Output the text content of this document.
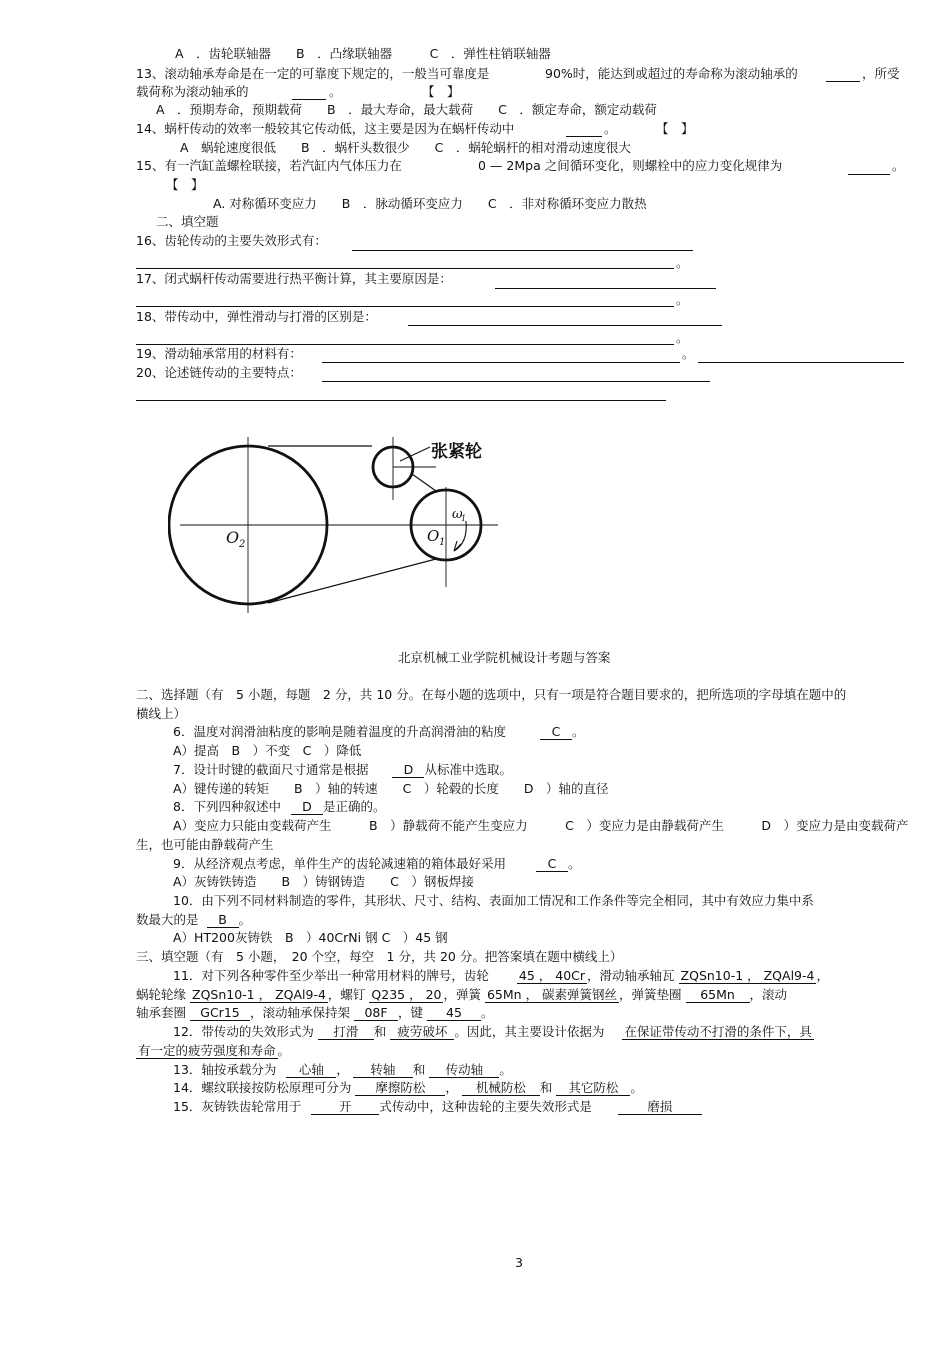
A　．齿轮联轴器　　B　．凸缘联轴器　　　C　．弹性柱销联轴器
13、滚动轴承寿命是在一定的可靠度下规定的，一般当可靠度是	90%时，能达到或超过的寿命称为滚动轴承的	，所受
载荷称为滚动轴承的	。	【　】
A　．预期寿命，预期载荷　　B　．最大寿命，最大载荷　　C　．额定寿命，额定动载荷
14、蜗杆传动的效率一般较其它传动低，这主要是因为在蜗杆传动中	。	【　】
A　蜗轮速度很低　　B　．蜗杆头数很少　　C　．蜗轮蜗杆的相对滑动速度很大
15、有一汽缸盖螺栓联接，若汽缸内气体压力在	0 — 2Mpa 之间循环变化，则螺栓中的应力变化规律为	。
【　】
A. 对称循环变应力　　B　．脉动循环变应力　　C　．非对称循环变应力散热
二、填空题
16、齿轮传动的主要失效形式有：
。
17、闭式蜗杆传动需要进行热平衡计算，其主要原因是：
。
18、带传动中，弹性滑动与打滑的区别是：
。
19、滑动轴承常用的材料有：	。
20、论述链传动的主要特点：
张紧轮
O 2	O 1
ω
1
北京机械工业学院机械设计考题与答案
二、选择题（有　5 小题，每题　2 分，共 10 分。在每小题的选项中，只有一项是符合题目要求的，把所选项的字母填在题中的
横线上）
6．温度对润滑油粘度的影响是随着温度的升高润滑油的粘度	C 。
A）提高　B　）不变　C　）降低
7．设计时键的截面尺寸通常是根据	D 从标准中选取。
A）键传递的转矩　　B　）轴的转速　　C　）轮毂的长度　　D　）轴的直径
8．下列四种叙述中 D 是正确的。
A）变应力只能由变载荷产生　　　B　）静载荷不能产生变应力　　　C　）变应力是由静载荷产生　　　D　）变应力是由变载荷产
生，也可能由静载荷产生
9．从经济观点考虑，单件生产的齿轮减速箱的箱体最好采用	C 。
A）灰铸铁铸造　　B　）铸钢铸造　　C　）钢板焊接
10．由下列不同材料制造的零件，其形状、尺寸、结构、表面加工情况和工作条件等完全相同，其中有效应力集中系
数最大的是 B 。
A）HT200灰铸铁　B　）40CrNi 钢 C　）45 钢
三、填空题（有　5 小题，　20 个空，每空　1 分，共 20 分。把答案填在题中横线上）
11．对下列各种零件至少举出一种常用材料的牌号，齿轮 45 ， 40Cr ，滑动轴承轴瓦 ZQSn10-1 ， ZQAl9-4 ，
蜗轮轮缘 ZQSn10-1 ， ZQAl9-4 ，螺钉 Q235 ， 20 ，弹簧 65Mn ， 碳素弹簧钢丝 ，弹簧垫圈 65Mn ，滚动
轴承套圈 GCr15 ，滚动轴承保持架 08F ，键 45 。
12．带传动的失效形式为 打滑 和 疲劳破坏 。因此，其主要设计依据为 在保证带传动不打滑的条件下，具
有一定的疲劳强度和寿命 。
13．轴按承载分为 心轴 ， 转轴 和 传动轴 。
14．螺纹联接按防松原理可分为 摩擦防松 ， 机械防松 和 其它防松 。
15．灰铸铁齿轮常用于	开 式传动中，这种齿轮的主要失效形式是	磨损
3
